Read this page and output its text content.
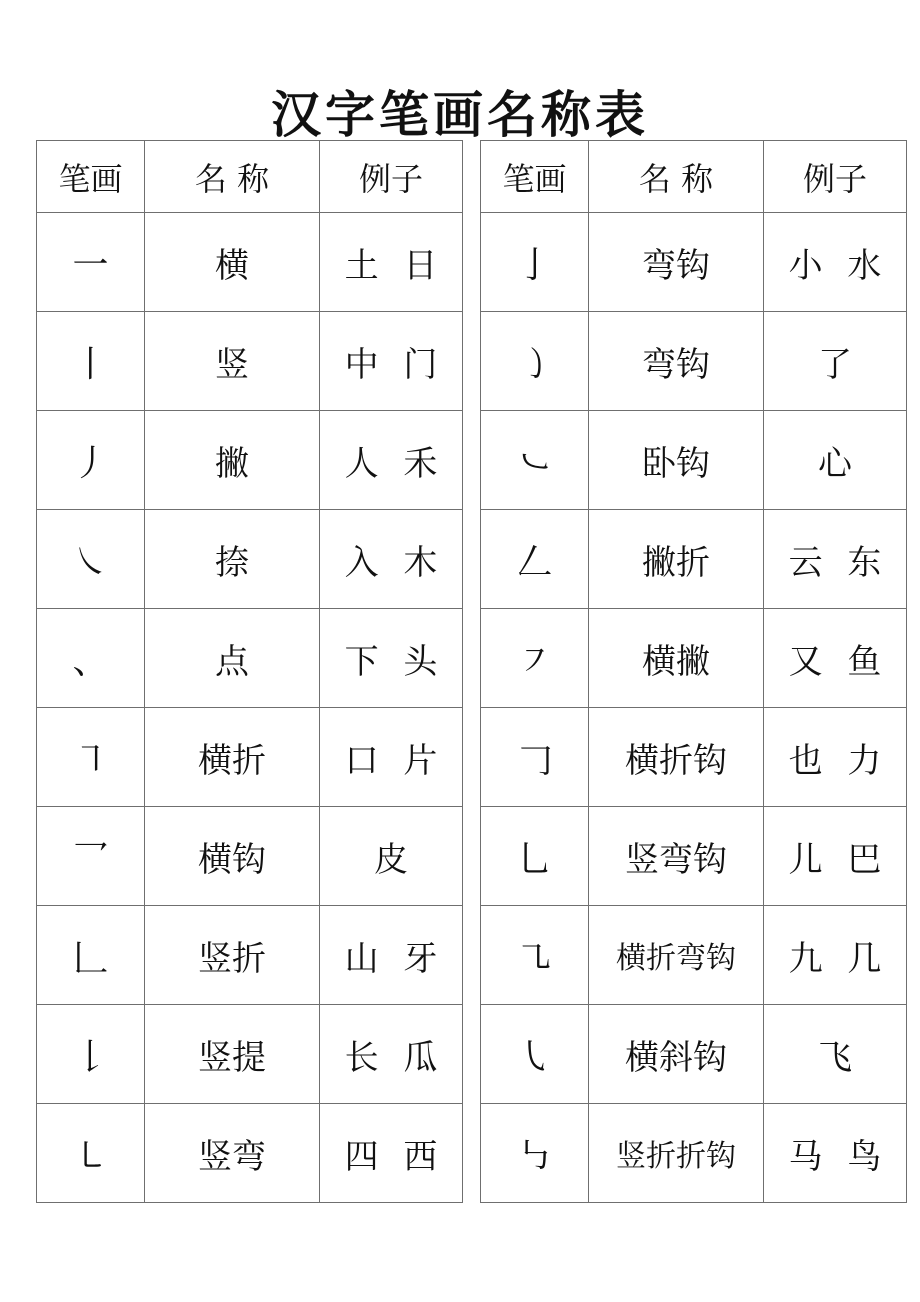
汉字笔画名称表
笔画	名 称	例子
一	横	土 日
丨	竖	中 门
丿	撇	人 禾
㇏	捺	入 木
、	点	下 头
㇕	横折	口 片
乛	横钩	皮
𠃊	竖折	山 牙
𠄌	竖提	长 瓜
㇄	竖弯	四 西
笔画	名 称	例子
亅	弯钩	小 水
㇁	弯钩	了
㇃	卧钩	心
𠃋	撇折	云 东
㇇	横撇	又 鱼
𠃌	横折钩	也 力
乚	竖弯钩	儿 巴
㇈	横折弯钩	九 几
㇂	横斜钩	飞
㇉	竖折折钩	马 鸟
